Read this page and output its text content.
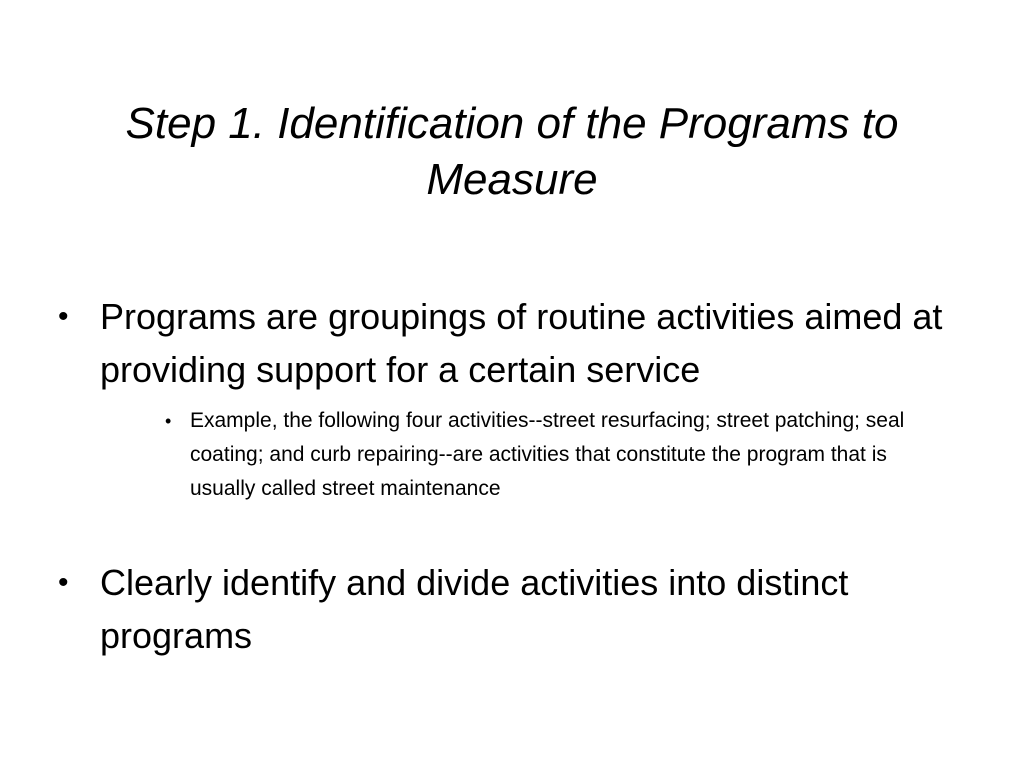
Step 1. Identification of the Programs to Measure

• Programs are groupings of routine activities aimed at providing support for a certain service

• Example, the following four activities--street resurfacing; street patching; seal coating; and curb repairing--are activities that constitute the program that is usually called street maintenance

• Clearly identify and divide activities into distinct programs
